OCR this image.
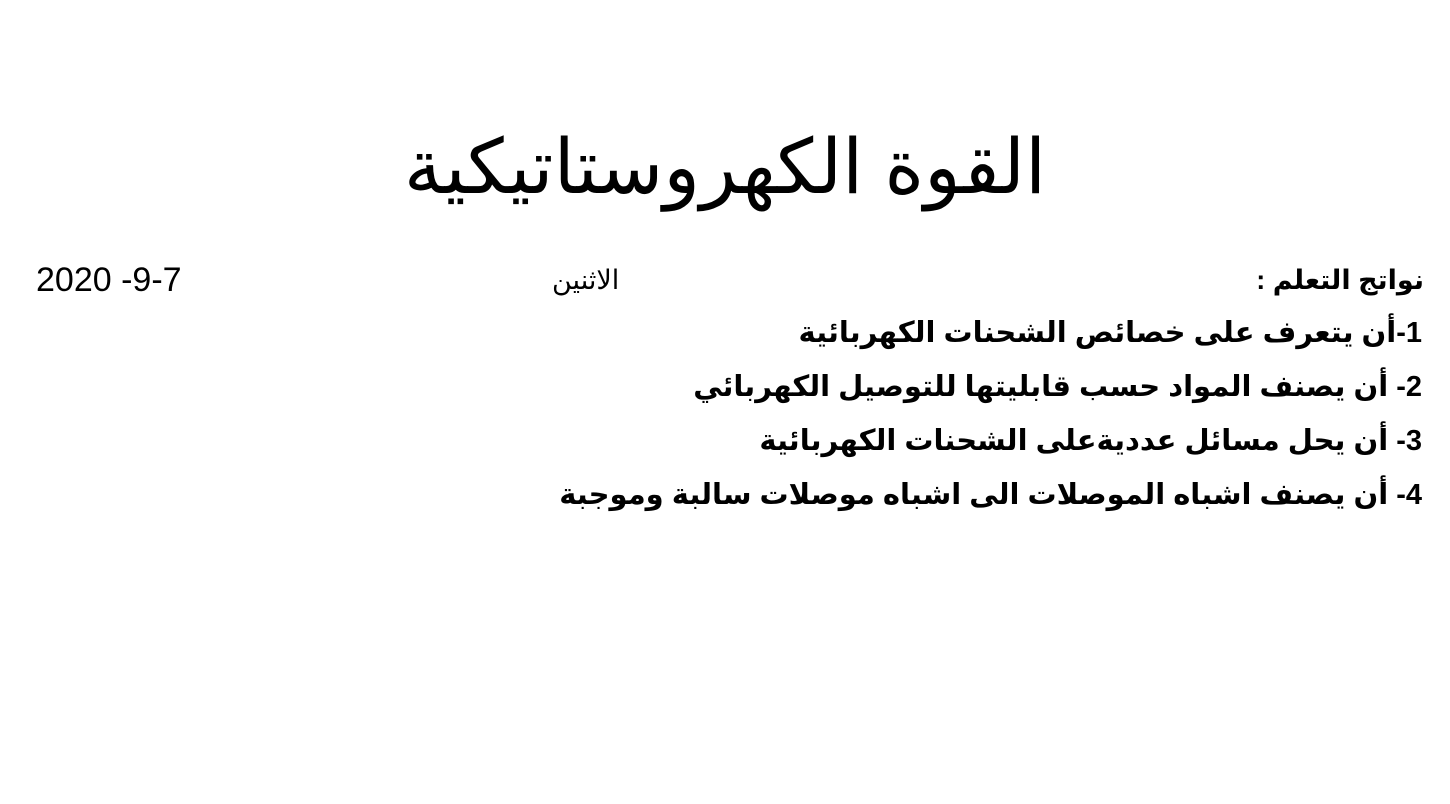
القوة الكهروستاتيكية
نواتج التعلم :
الاثنين
2020 -9-7
1-أن يتعرف على خصائص الشحنات الكهربائية
2- أن يصنف المواد حسب قابليتها للتوصيل الكهربائي
3- أن يحل مسائل عدديةعلى الشحنات الكهربائية
4- أن يصنف اشباه الموصلات الى اشباه موصلات سالبة وموجبة
